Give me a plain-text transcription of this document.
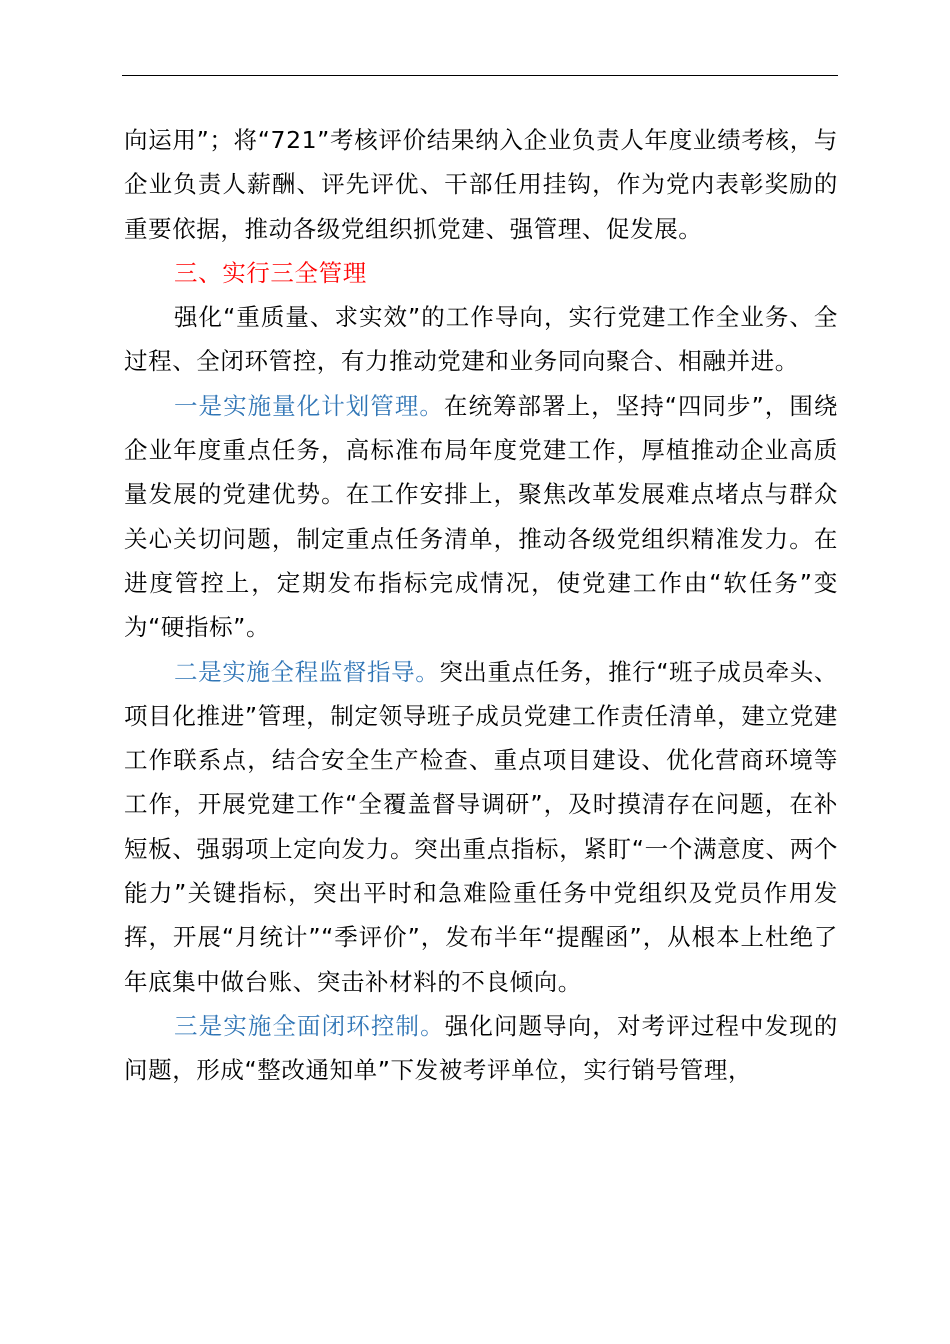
向运用”；将“721”考核评价结果纳入企业负责人年度业绩考核，与企业负责人薪酬、评先评优、干部任用挂钩，作为党内表彰奖励的重要依据，推动各级党组织抓党建、强管理、促发展。

三、实行三全管理

强化“重质量、求实效”的工作导向，实行党建工作全业务、全过程、全闭环管控，有力推动党建和业务同向聚合、相融并进。

一是实施量化计划管理。在统筹部署上，坚持“四同步”，围绕企业年度重点任务，高标准布局年度党建工作，厚植推动企业高质量发展的党建优势。在工作安排上，聚焦改革发展难点堵点与群众关心关切问题，制定重点任务清单，推动各级党组织精准发力。在进度管控上，定期发布指标完成情况，使党建工作由“软任务”变为“硬指标”。

二是实施全程监督指导。突出重点任务，推行“班子成员牵头、项目化推进”管理，制定领导班子成员党建工作责任清单，建立党建工作联系点，结合安全生产检查、重点项目建设、优化营商环境等工作，开展党建工作“全覆盖督导调研”，及时摸清存在问题，在补短板、强弱项上定向发力。突出重点指标，紧盯“一个满意度、两个能力”关键指标，突出平时和急难险重任务中党组织及党员作用发挥，开展“月统计”“季评价”，发布半年“提醒函”，从根本上杜绝了年底集中做台账、突击补材料的不良倾向。

三是实施全面闭环控制。强化问题导向，对考评过程中发现的问题，形成“整改通知单”下发被考评单位，实行销号管理，
